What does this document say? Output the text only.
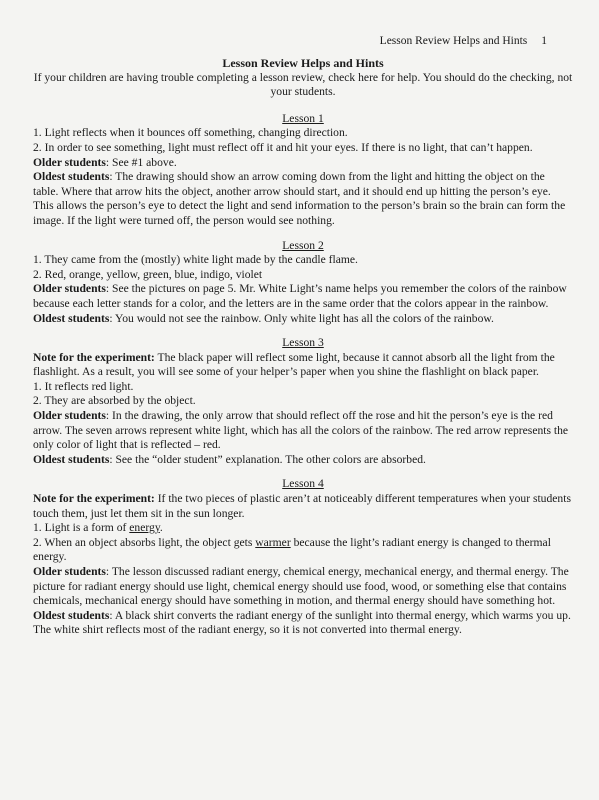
Lesson Review Helps and Hints 1
Lesson Review Helps and Hints

If your children are having trouble completing a lesson review, check here for help. You should do the checking, not your students.

Lesson 1

1. Light reflects when it bounces off something, changing direction.

2. In order to see something, light must reflect off it and hit your eyes. If there is no light, that can’t happen.

Older students: See #1 above.

Oldest students: The drawing should show an arrow coming down from the light and hitting the object on the table. Where that arrow hits the object, another arrow should start, and it should end up hitting the person’s eye. This allows the person’s eye to detect the light and send information to the person’s brain so the brain can form the image. If the light were turned off, the person would see nothing.

Lesson 2

1. They came from the (mostly) white light made by the candle flame.

2. Red, orange, yellow, green, blue, indigo, violet

Older students: See the pictures on page 5. Mr. White Light’s name helps you remember the colors of the rainbow because each letter stands for a color, and the letters are in the same order that the colors appear in the rainbow.

Oldest students: You would not see the rainbow. Only white light has all the colors of the rainbow.

Lesson 3

Note for the experiment: The black paper will reflect some light, because it cannot absorb all the light from the flashlight. As a result, you will see some of your helper’s paper when you shine the flashlight on black paper.

1. It reflects red light.

2. They are absorbed by the object.

Older students: In the drawing, the only arrow that should reflect off the rose and hit the person’s eye is the red arrow. The seven arrows represent white light, which has all the colors of the rainbow. The red arrow represents the only color of light that is reflected – red.

Oldest students: See the “older student” explanation. The other colors are absorbed.

Lesson 4

Note for the experiment: If the two pieces of plastic aren’t at noticeably different temperatures when your students touch them, just let them sit in the sun longer.

1. Light is a form of energy.

2. When an object absorbs light, the object gets warmer because the light’s radiant energy is changed to thermal energy.

Older students: The lesson discussed radiant energy, chemical energy, mechanical energy, and thermal energy. The picture for radiant energy should use light, chemical energy should use food, wood, or something else that contains chemicals, mechanical energy should have something in motion, and thermal energy should have something hot.

Oldest students: A black shirt converts the radiant energy of the sunlight into thermal energy, which warms you up. The white shirt reflects most of the radiant energy, so it is not converted into thermal energy.
